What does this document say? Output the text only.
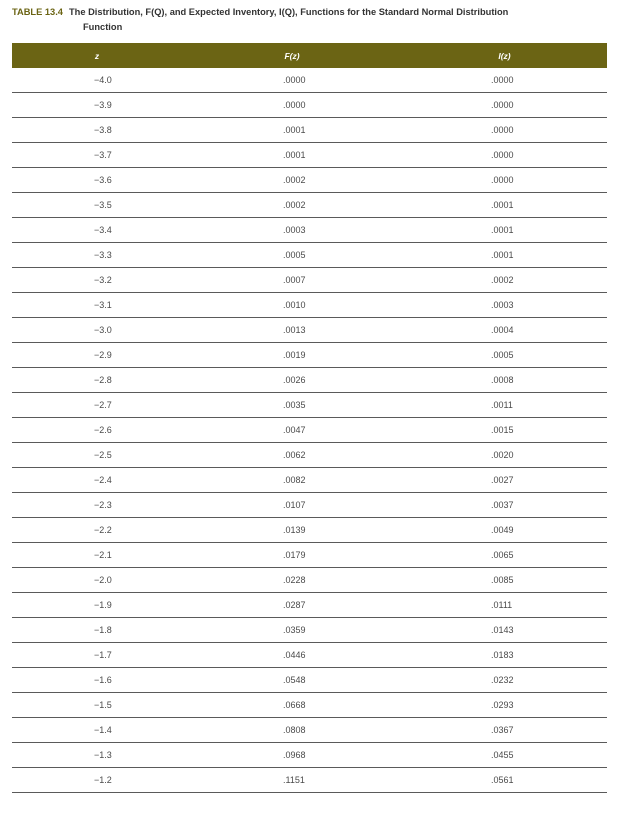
TABLE 13.4 The Distribution, F(Q), and Expected Inventory, I(Q), Functions for the Standard Normal Distribution
Function
z	F(z)	I(z)
−4.0	.0000	.0000
−3.9	.0000	.0000
−3.8	.0001	.0000
−3.7	.0001	.0000
−3.6	.0002	.0000
−3.5	.0002	.0001
−3.4	.0003	.0001
−3.3	.0005	.0001
−3.2	.0007	.0002
−3.1	.0010	.0003
−3.0	.0013	.0004
−2.9	.0019	.0005
−2.8	.0026	.0008
−2.7	.0035	.0011
−2.6	.0047	.0015
−2.5	.0062	.0020
−2.4	.0082	.0027
−2.3	.0107	.0037
−2.2	.0139	.0049
−2.1	.0179	.0065
−2.0	.0228	.0085
−1.9	.0287	.0111
−1.8	.0359	.0143
−1.7	.0446	.0183
−1.6	.0548	.0232
−1.5	.0668	.0293
−1.4	.0808	.0367
−1.3	.0968	.0455
−1.2	.1151	.0561
